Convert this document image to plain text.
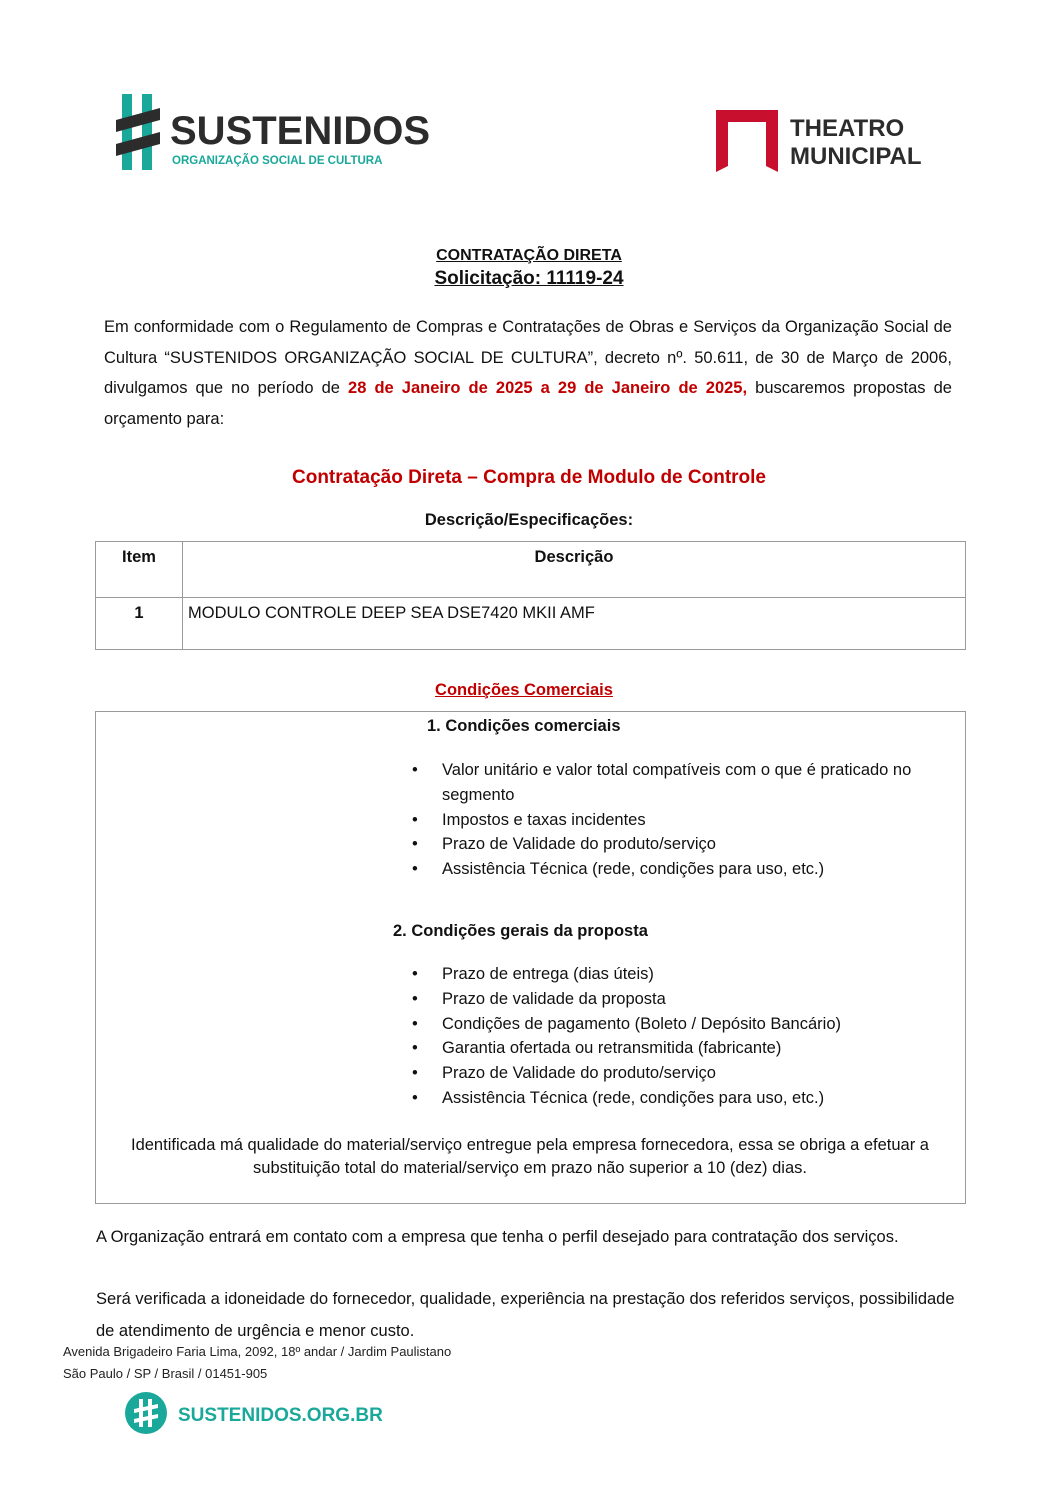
SUSTENIDOS
ORGANIZAÇÃO SOCIAL DE CULTURA
THEATRO
MUNICIPAL
CONTRATAÇÃO DIRETA
Solicitação: 11119-24
Em conformidade com o Regulamento de Compras e Contratações de Obras e Serviços da Organização Social de Cultura “SUSTENIDOS ORGANIZAÇÃO SOCIAL DE CULTURA”, decreto nº. 50.611, de 30 de Março de 2006, divulgamos que no período de 28 de Janeiro de 2025 a 29 de Janeiro de 2025, buscaremos propostas de orçamento para:
Contratação Direta – Compra de Modulo de Controle
Descrição/Especificações:
Item	Descrição
1	MODULO CONTROLE DEEP SEA DSE7420 MKII AMF
Condições Comerciais
1. Condições comerciais
• Valor unitário e valor total compatíveis com o que é praticado no segmento
• Impostos e taxas incidentes
• Prazo de Validade do produto/serviço
• Assistência Técnica (rede, condições para uso, etc.)
2. Condições gerais da proposta
• Prazo de entrega (dias úteis)
• Prazo de validade da proposta
• Condições de pagamento (Boleto / Depósito Bancário)
• Garantia ofertada ou retransmitida (fabricante)
• Prazo de Validade do produto/serviço
• Assistência Técnica (rede, condições para uso, etc.)
Identificada má qualidade do material/serviço entregue pela empresa fornecedora, essa se obriga a efetuar a substituição total do material/serviço em prazo não superior a 10 (dez) dias.
A Organização entrará em contato com a empresa que tenha o perfil desejado para contratação dos serviços.
Será verificada a idoneidade do fornecedor, qualidade, experiência na prestação dos referidos serviços, possibilidade de atendimento de urgência e menor custo.
Avenida Brigadeiro Faria Lima, 2092, 18º andar / Jardim Paulistano
São Paulo / SP / Brasil / 01451-905
SUSTENIDOS.ORG.BR
